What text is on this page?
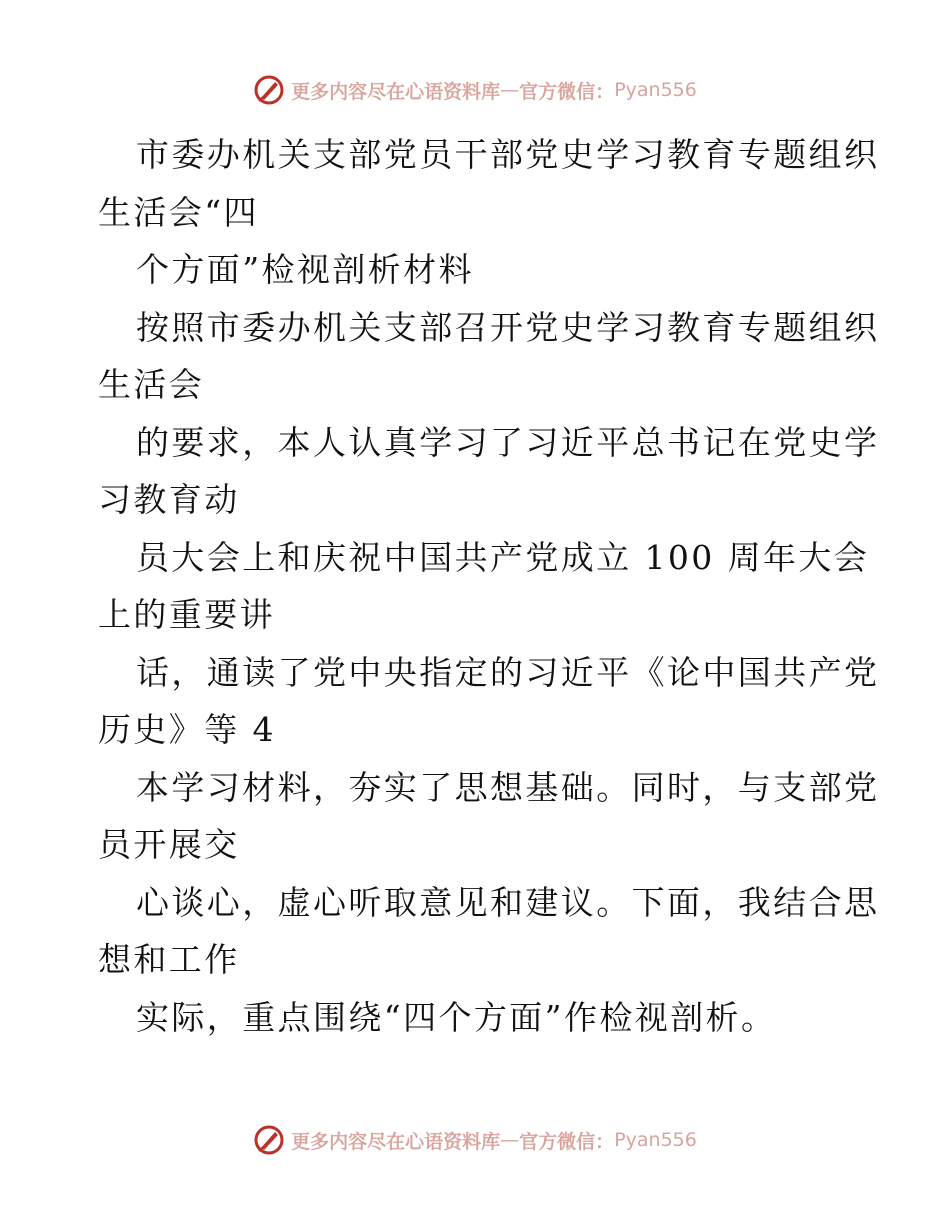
更多内容尽在心语资料库 — 官方微信： Pyan556
市委办机关支部党员干部党史学习教育专题组织
生活会“四
个方面”检视剖析材料
按照市委办机关支部召开党史学习教育专题组织
生活会
的要求，本人认真学习了习近平总书记在党史学
习教育动
员大会上和庆祝中国共产党成立 100 周年大会
上的重要讲
话，通读了党中央指定的习近平《论中国共产党
历史》等 4
本学习材料，夯实了思想基础。同时，与支部党
员开展交
心谈心，虚心听取意见和建议。下面，我结合思
想和工作
实际，重点围绕“四个方面”作检视剖析。
更多内容尽在心语资料库 — 官方微信： Pyan556
